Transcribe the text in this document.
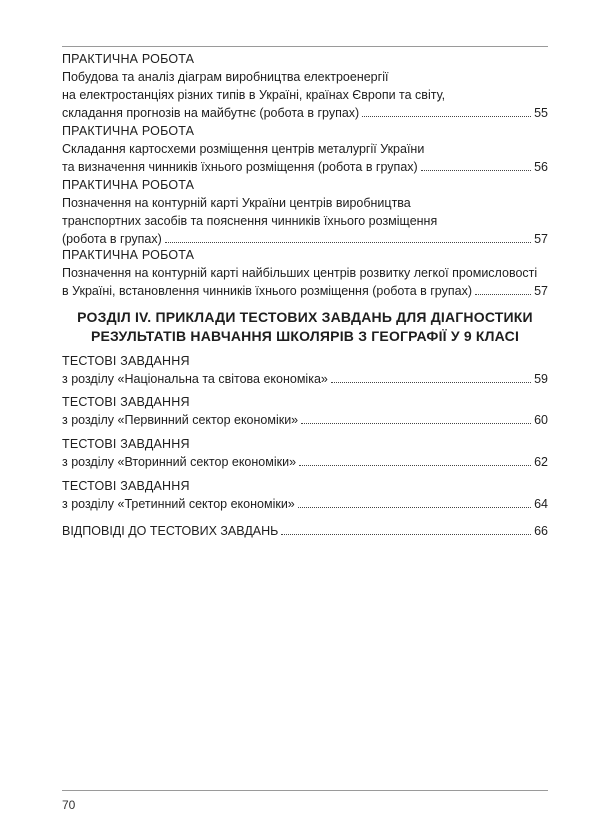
ПРАКТИЧНА РОБОТА
Побудова та аналіз діаграм виробництва електроенергії
на електростанціях різних типів в Україні, країнах Європи та світу,
складання прогнозів на майбутнє (робота в групах)	55
ПРАКТИЧНА РОБОТА
Складання картосхеми розміщення центрів металургії України
та визначення чинників їхнього розміщення (робота в групах)	56
ПРАКТИЧНА РОБОТА
Позначення на контурній карті України центрів виробництва
транспортних засобів та пояснення чинників їхнього розміщення
(робота в групах)	57
ПРАКТИЧНА РОБОТА
Позначення на контурній карті найбільших центрів розвитку легкої промисловості
в Україні, встановлення чинників їхнього розміщення (робота в групах)	57
РОЗДІЛ IV. ПРИКЛАДИ ТЕСТОВИХ ЗАВДАНЬ ДЛЯ ДІАГНОСТИКИ
РЕЗУЛЬТАТІВ НАВЧАННЯ ШКОЛЯРІВ З ГЕОГРАФІЇ У 9 КЛАСІ
ТЕСТОВІ ЗАВДАННЯ
з розділу «Національна та світова економіка»	59
ТЕСТОВІ ЗАВДАННЯ
з розділу «Первинний сектор економіки»	60
ТЕСТОВІ ЗАВДАННЯ
з розділу «Вторинний сектор економіки»	62
ТЕСТОВІ ЗАВДАННЯ
з розділу «Третинний сектор економіки»	64
ВІДПОВІДІ ДО ТЕСТОВИХ ЗАВДАНЬ	66
70
